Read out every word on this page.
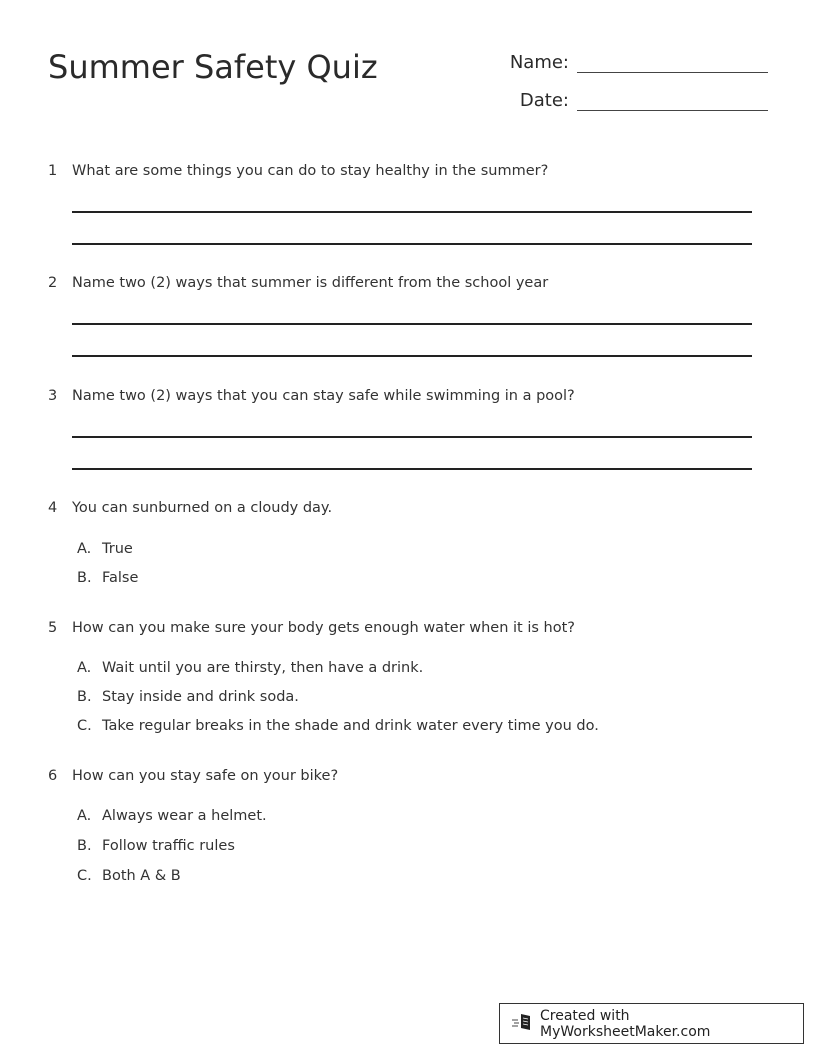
Summer Safety Quiz	Name:
Date:
1 What are some things you can do to stay healthy in the summer?
2 Name two (2) ways that summer is different from the school year
3 Name two (2) ways that you can stay safe while swimming in a pool?
4 You can sunburned on a cloudy day.
A. True
B. False
5 How can you make sure your body gets enough water when it is hot?
A. Wait until you are thirsty, then have a drink.
B. Stay inside and drink soda.
C. Take regular breaks in the shade and drink water every time you do.
6 How can you stay safe on your bike?
A. Always wear a helmet.
B. Follow traffic rules
C. Both A & B
Created with MyWorksheetMaker.com
